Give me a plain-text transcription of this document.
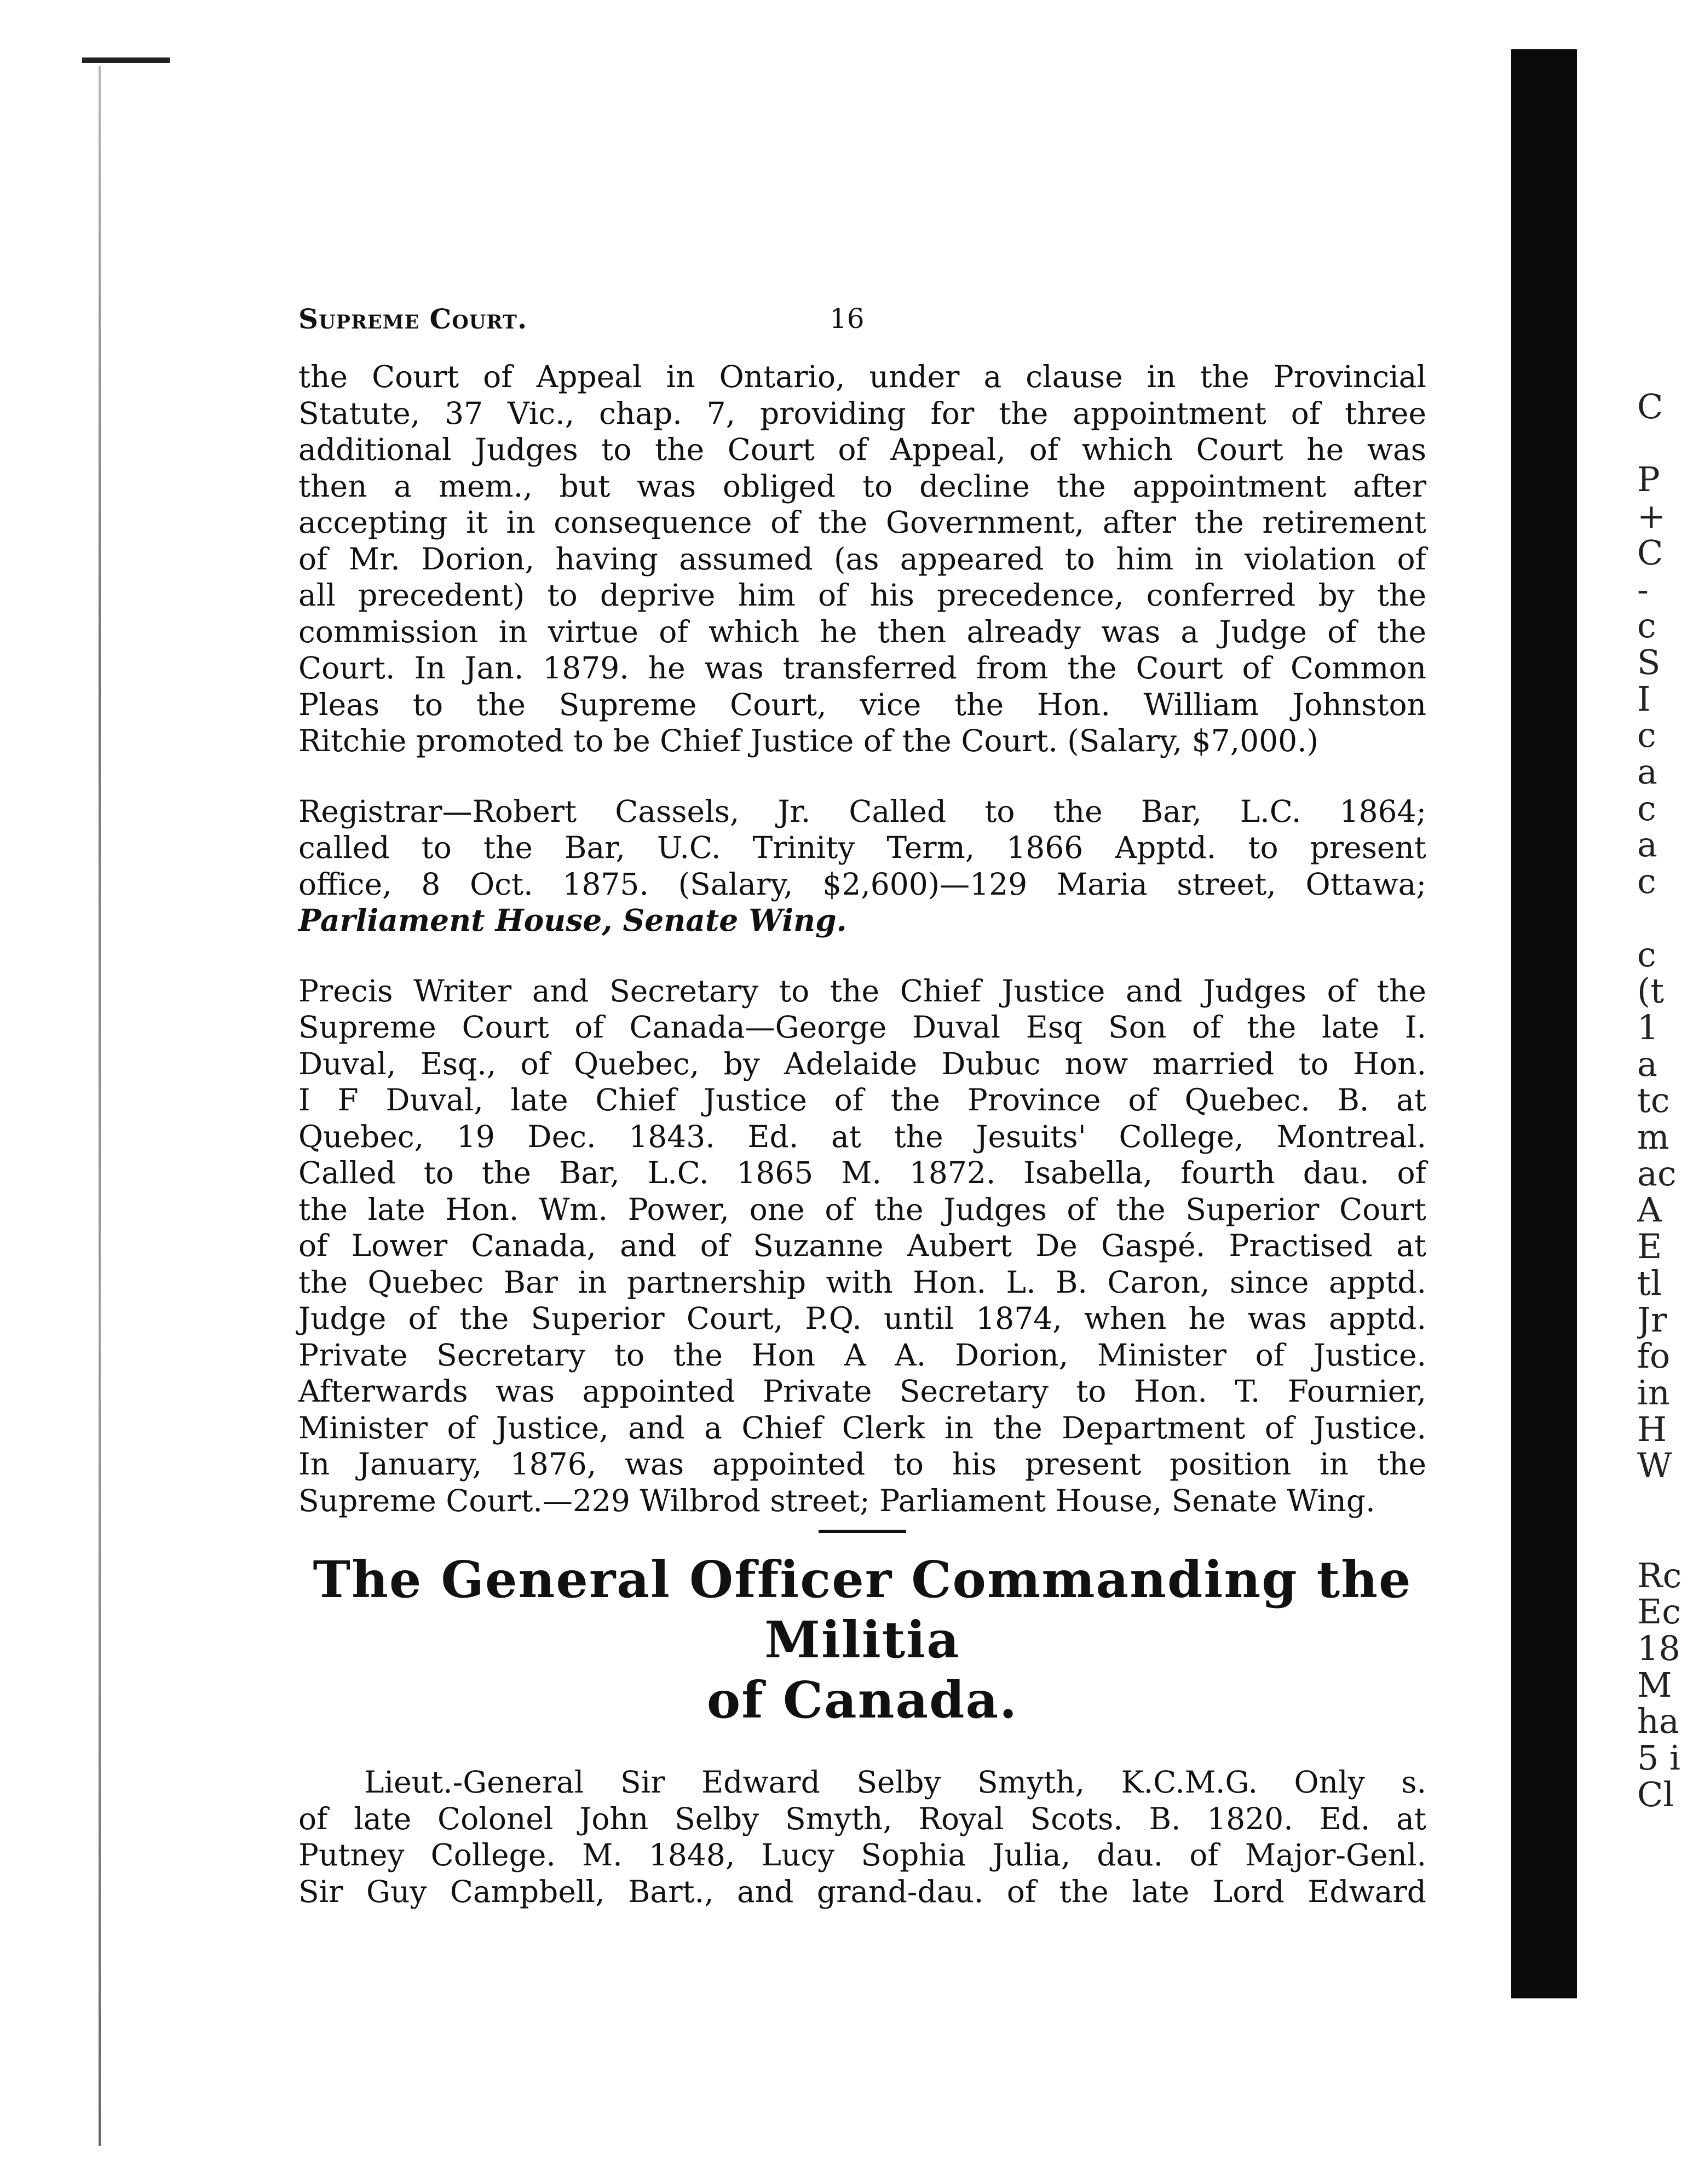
C

P
+
C
-
c
S
I
c
a
c
a
c

c
(t
1
a
tc
m
ac
A
E
tl
Jr
fo
in
H
W

Rc
Ec
18
M
ha
5 i
Cl
Supreme Court.	16

the Court of Appeal in Ontario, under a clause in the Provincial
Statute, 37 Vic., chap. 7, providing for the appointment of three
additional Judges to the Court of Appeal, of which Court he was
then a mem., but was obliged to decline the appointment after
accepting it in consequence of the Government, after the retirement
of Mr. Dorion, having assumed (as appeared to him in violation of
all precedent) to deprive him of his precedence, conferred by the
commission in virtue of which he then already was a Judge of the
Court. In Jan. 1879. he was transferred from the Court of Common
Pleas to the Supreme Court, vice the Hon. William Johnston
Ritchie promoted to be Chief Justice of the Court. (Salary, $7,000.)

Registrar—Robert Cassels, Jr. Called to the Bar, L.C. 1864;
called to the Bar, U.C. Trinity Term, 1866 Apptd. to present
office, 8 Oct. 1875. (Salary, $2,600)—129 Maria street, Ottawa;
Parliament House, Senate Wing.

Precis Writer and Secretary to the Chief Justice and Judges of the
Supreme Court of Canada—George Duval Esq Son of the late I.
Duval, Esq., of Quebec, by Adelaide Dubuc now married to Hon.
I F Duval, late Chief Justice of the Province of Quebec. B. at
Quebec, 19 Dec. 1843. Ed. at the Jesuits' College, Montreal.
Called to the Bar, L.C. 1865 M. 1872. Isabella, fourth dau. of
the late Hon. Wm. Power, one of the Judges of the Superior Court
of Lower Canada, and of Suzanne Aubert De Gaspé. Practised at
the Quebec Bar in partnership with Hon. L. B. Caron, since apptd.
Judge of the Superior Court, P.Q. until 1874, when he was apptd.
Private Secretary to the Hon A A. Dorion, Minister of Justice.
Afterwards was appointed Private Secretary to Hon. T. Fournier,
Minister of Justice, and a Chief Clerk in the Department of Justice.
In January, 1876, was appointed to his present position in the
Supreme Court.—229 Wilbrod street; Parliament House, Senate Wing.

The General Officer Commanding the Militia
of Canada.

Lieut.-General Sir Edward Selby Smyth, K.C.M.G. Only s.
of late Colonel John Selby Smyth, Royal Scots. B. 1820. Ed. at
Putney College. M. 1848, Lucy Sophia Julia, dau. of Major-Genl.
Sir Guy Campbell, Bart., and grand-dau. of the late Lord Edward
